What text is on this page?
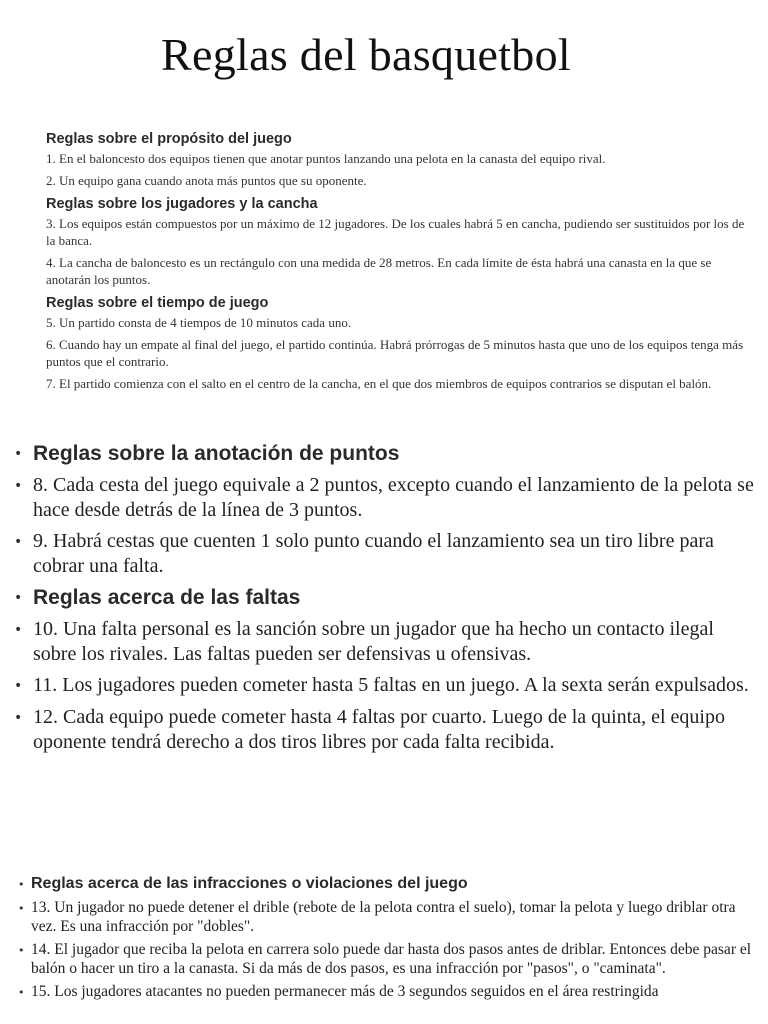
Reglas del basquetbol

Reglas sobre el propósito del juego

1. En el baloncesto dos equipos tienen que anotar puntos lanzando una pelota en la canasta del equipo rival.

2. Un equipo gana cuando anota más puntos que su oponente.

Reglas sobre los jugadores y la cancha

3. Los equipos están compuestos por un máximo de 12 jugadores. De los cuales habrá 5 en cancha, pudiendo ser sustituidos por los de la banca.

4. La cancha de baloncesto es un rectángulo con una medida de 28 metros. En cada límite de ésta habrá una canasta en la que se anotarán los puntos.

Reglas sobre el tiempo de juego

5. Un partido consta de 4 tiempos de 10 minutos cada uno.

6. Cuando hay un empate al final del juego, el partido continúa. Habrá prórrogas de 5 minutos hasta que uno de los equipos tenga más puntos que el contrario.

7. El partido comienza con el salto en el centro de la cancha, en el que dos miembros de equipos contrarios se disputan el balón.

• Reglas sobre la anotación de puntos
• 8. Cada cesta del juego equivale a 2 puntos, excepto cuando el lanzamiento de la pelota se hace desde detrás de la línea de 3 puntos.
• 9. Habrá cestas que cuenten 1 solo punto cuando el lanzamiento sea un tiro libre para cobrar una falta.
• Reglas acerca de las faltas
• 10. Una falta personal es la sanción sobre un jugador que ha hecho un contacto ilegal sobre los rivales. Las faltas pueden ser defensivas u ofensivas.
• 11. Los jugadores pueden cometer hasta 5 faltas en un juego. A la sexta serán expulsados.
• 12. Cada equipo puede cometer hasta 4 faltas por cuarto. Luego de la quinta, el equipo oponente tendrá derecho a dos tiros libres por cada falta recibida.
• Reglas acerca de las infracciones o violaciones del juego
• 13. Un jugador no puede detener el drible (rebote de la pelota contra el suelo), tomar la pelota y luego driblar otra vez. Es una infracción por "dobles".
• 14. El jugador que reciba la pelota en carrera solo puede dar hasta dos pasos antes de driblar. Entonces debe pasar el balón o hacer un tiro a la canasta. Si da más de dos pasos, es una infracción por "pasos", o "caminata".
• 15. Los jugadores atacantes no pueden permanecer más de 3 segundos seguidos en el área restringida
